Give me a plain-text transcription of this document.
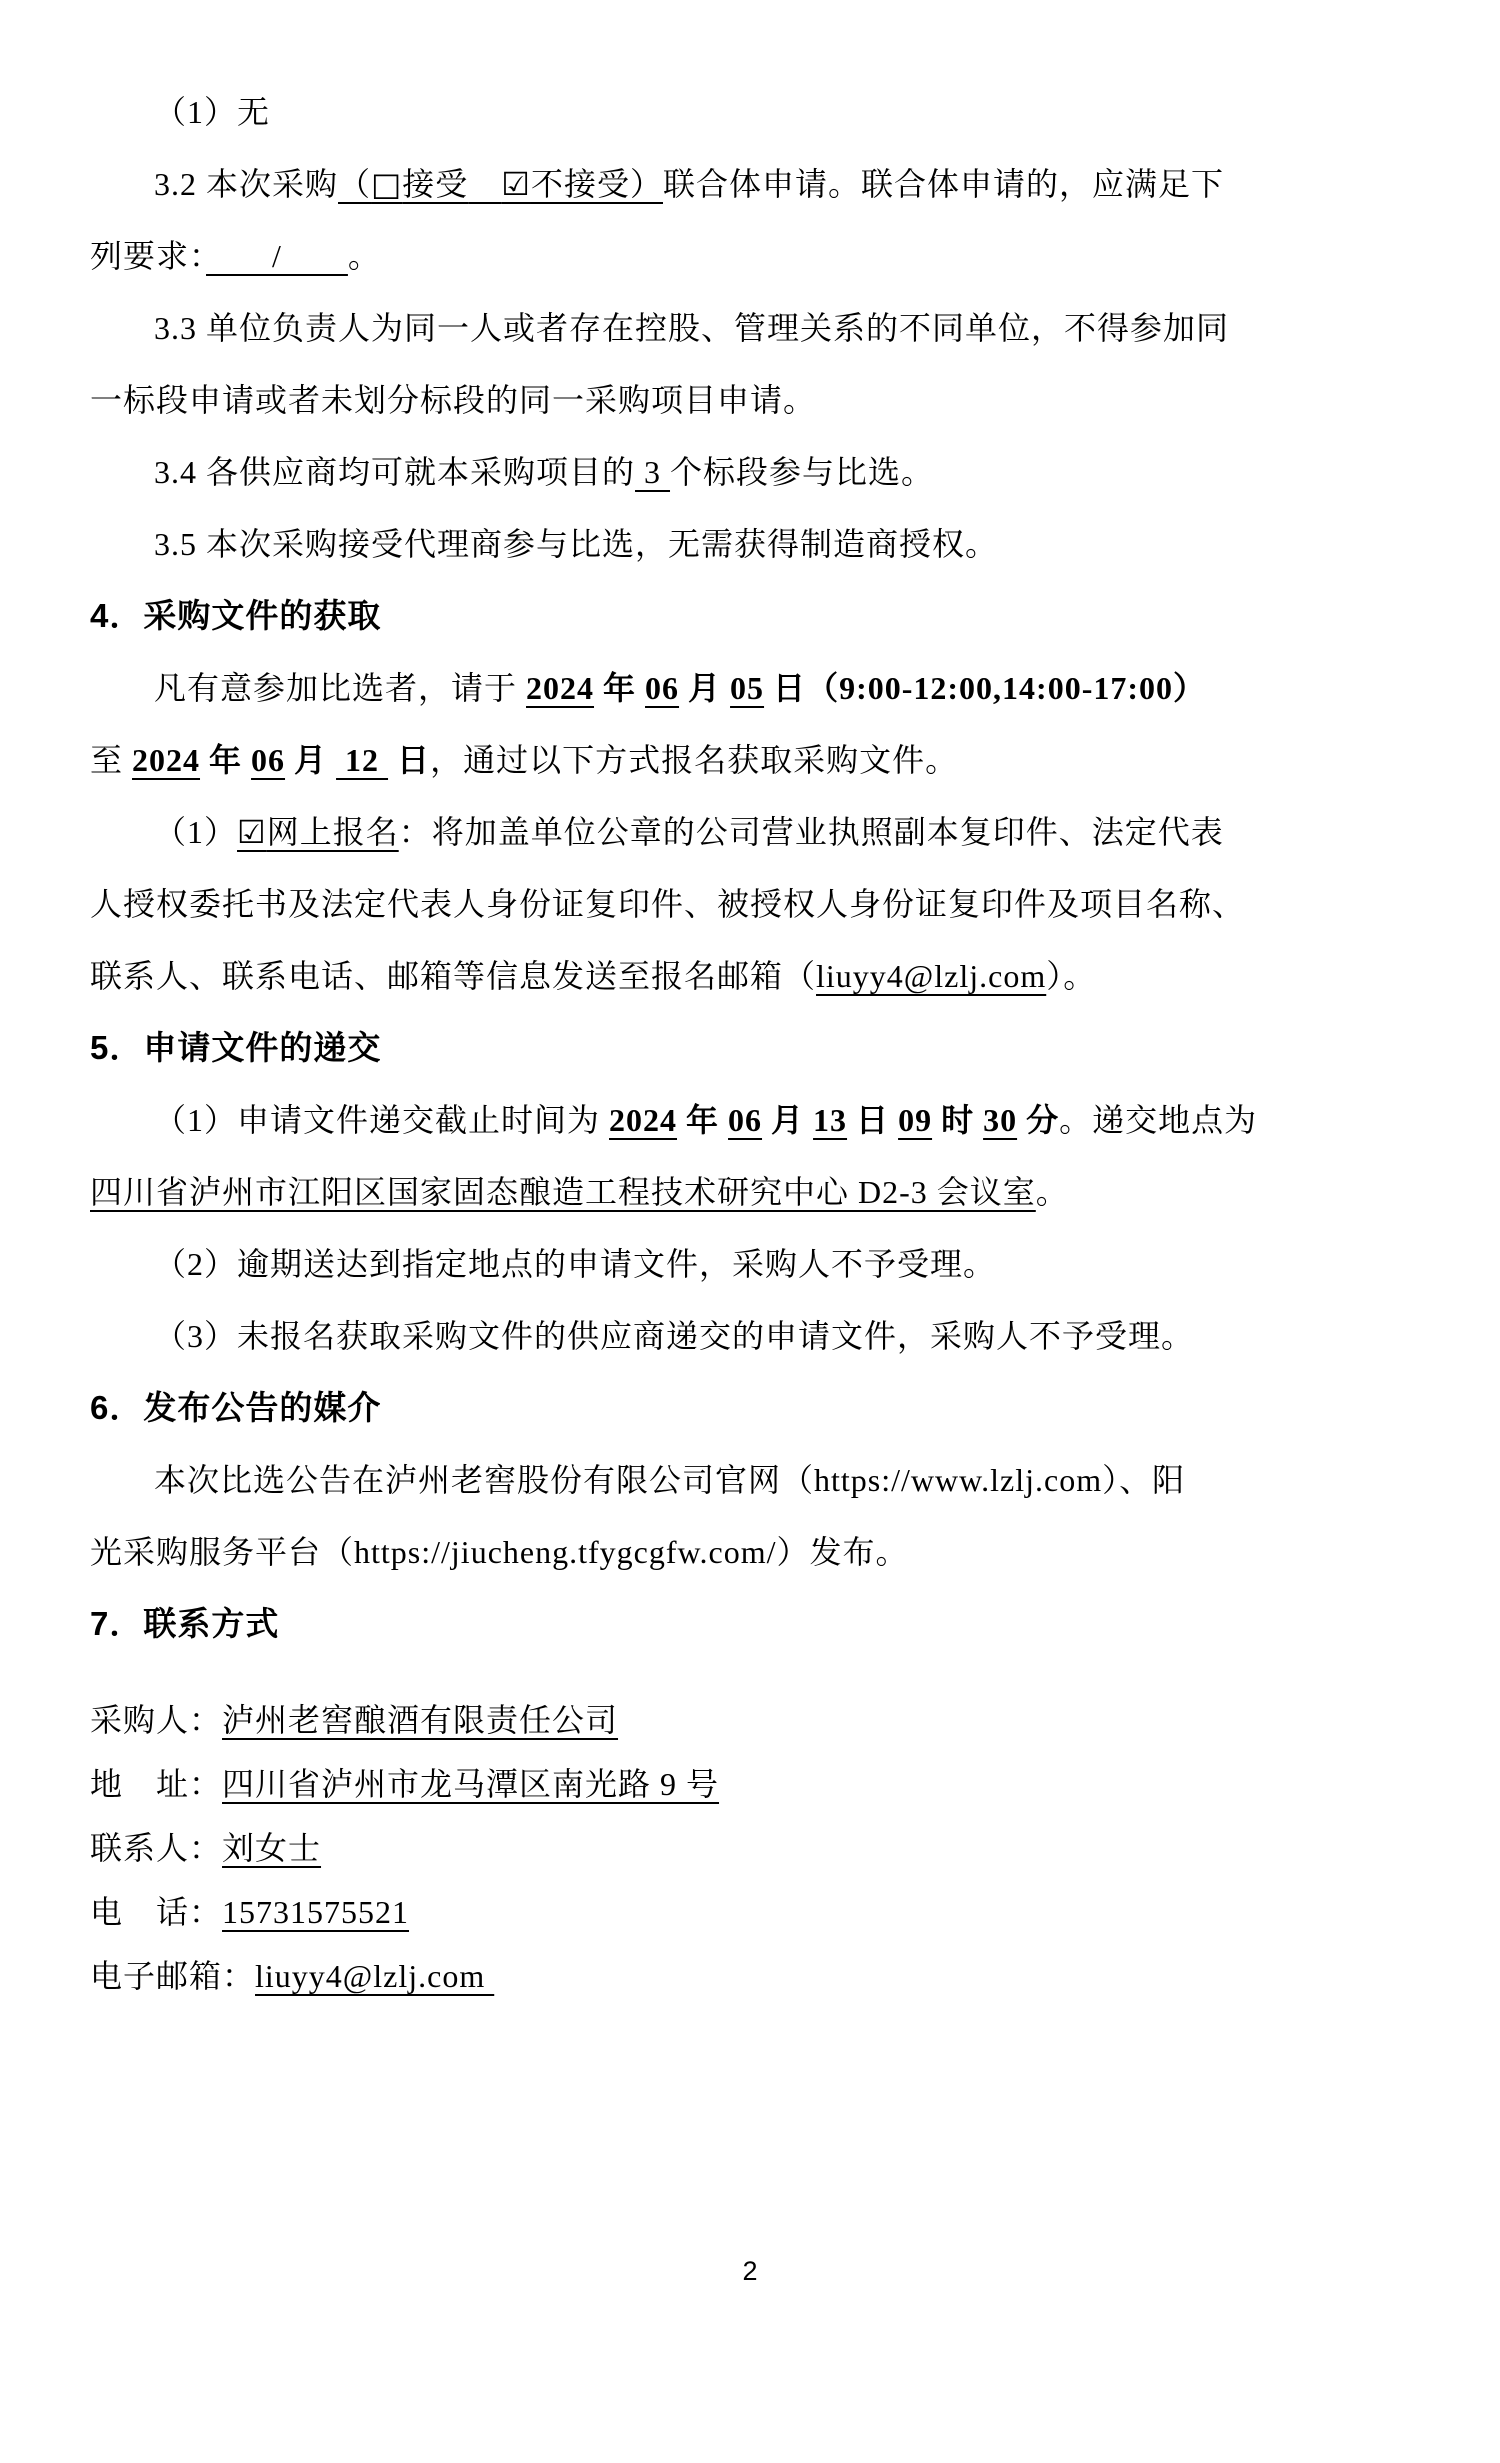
（1）无

3.2 本次采购（□接受　 ☑不接受）联合体申请。联合体申请的，应满足下

列要求：　　/　　。

3.3 单位负责人为同一人或者存在控股、管理关系的不同单位，不得参加同

一标段申请或者未划分标段的同一采购项目申请。

3.4 各供应商均可就本采购项目的 3 个标段参与比选。

3.5 本次采购接受代理商参与比选，无需获得制造商授权。

4．采购文件的获取

凡有意参加比选者，请于 2024 年 06 月 05 日（9:00-12:00,14:00-17:00）

至 2024 年 06 月  12  日，通过以下方式报名获取采购文件。

（1）☑网上报名：将加盖单位公章的公司营业执照副本复印件、法定代表

人授权委托书及法定代表人身份证复印件、被授权人身份证复印件及项目名称、

联系人、联系电话、邮箱等信息发送至报名邮箱（liuyy4@lzlj.com）。

5．申请文件的递交

（1）申请文件递交截止时间为 2024 年 06 月 13 日 09 时 30 分。递交地点为

四川省泸州市江阳区国家固态酿造工程技术研究中心 D2-3 会议室。

（2）逾期送达到指定地点的申请文件，采购人不予受理。

（3）未报名获取采购文件的供应商递交的申请文件，采购人不予受理。

6．发布公告的媒介

本次比选公告在泸州老窖股份有限公司官网（https://www.lzlj.com）、阳

光采购服务平台（https://jiucheng.tfygcgfw.com/）发布。

7．联系方式

采购人：泸州老窖酿酒有限责任公司

地　址：四川省泸州市龙马潭区南光路 9 号

联系人：刘女士

电　话：15731575521

电子邮箱：liuyy4@lzlj.com

2
